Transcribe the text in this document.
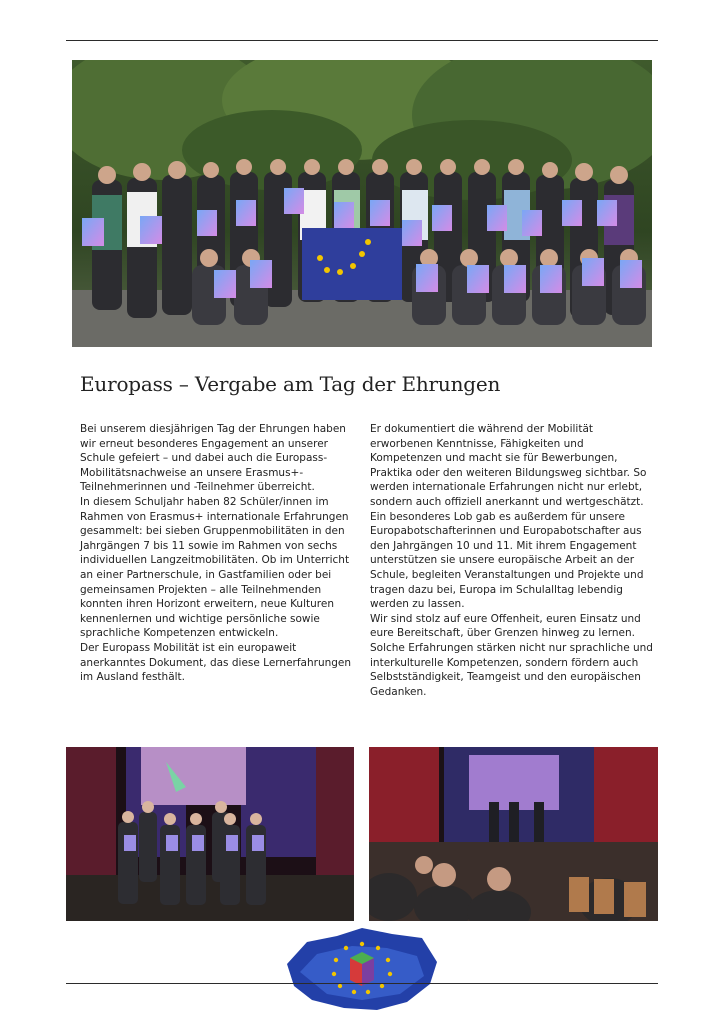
Europass – Vergabe am Tag der Ehrungen

Bei unserem diesjährigen Tag der Ehrungen haben wir erneut besonderes Engagement an unserer Schule gefeiert – und dabei auch die Europass-Mobilitätsnachweise an unsere Erasmus+-Teilnehmerinnen und -Teilnehmer überreicht.

In diesem Schuljahr haben 82 Schüler/innen im Rahmen von Erasmus+ internationale Erfahrungen gesammelt: bei sieben Gruppenmobilitäten in den Jahrgängen 7 bis 11 sowie im Rahmen von sechs individuellen Langzeitmobilitäten. Ob im Unterricht an einer Partnerschule, in Gastfamilien oder bei gemeinsamen Projekten – alle Teilnehmenden konnten ihren Horizont erweitern, neue Kulturen kennenlernen und wichtige persönliche sowie sprachliche Kompetenzen entwickeln.

Der Europass Mobilität ist ein europaweit anerkanntes Dokument, das diese Lernerfahrungen im Ausland festhält.

Er dokumentiert die während der Mobilität erworbenen Kenntnisse, Fähigkeiten und Kompetenzen und macht sie für Bewerbungen, Praktika oder den weiteren Bildungsweg sichtbar. So werden internationale Erfahrungen nicht nur erlebt, sondern auch offiziell anerkannt und wertgeschätzt.

Ein besonderes Lob gab es außerdem für unsere Europabotschafterinnen und Europabotschafter aus den Jahrgängen 10 und 11. Mit ihrem Engagement unterstützen sie unsere europäische Arbeit an der Schule, begleiten Veranstaltungen und Projekte und tragen dazu bei, Europa im Schulalltag lebendig werden zu lassen.

Wir sind stolz auf eure Offenheit, euren Einsatz und eure Bereitschaft, über Grenzen hinweg zu lernen. Solche Erfahrungen stärken nicht nur sprachliche und interkulturelle Kompetenzen, sondern fördern auch Selbstständigkeit, Teamgeist und den europäischen Gedanken.
